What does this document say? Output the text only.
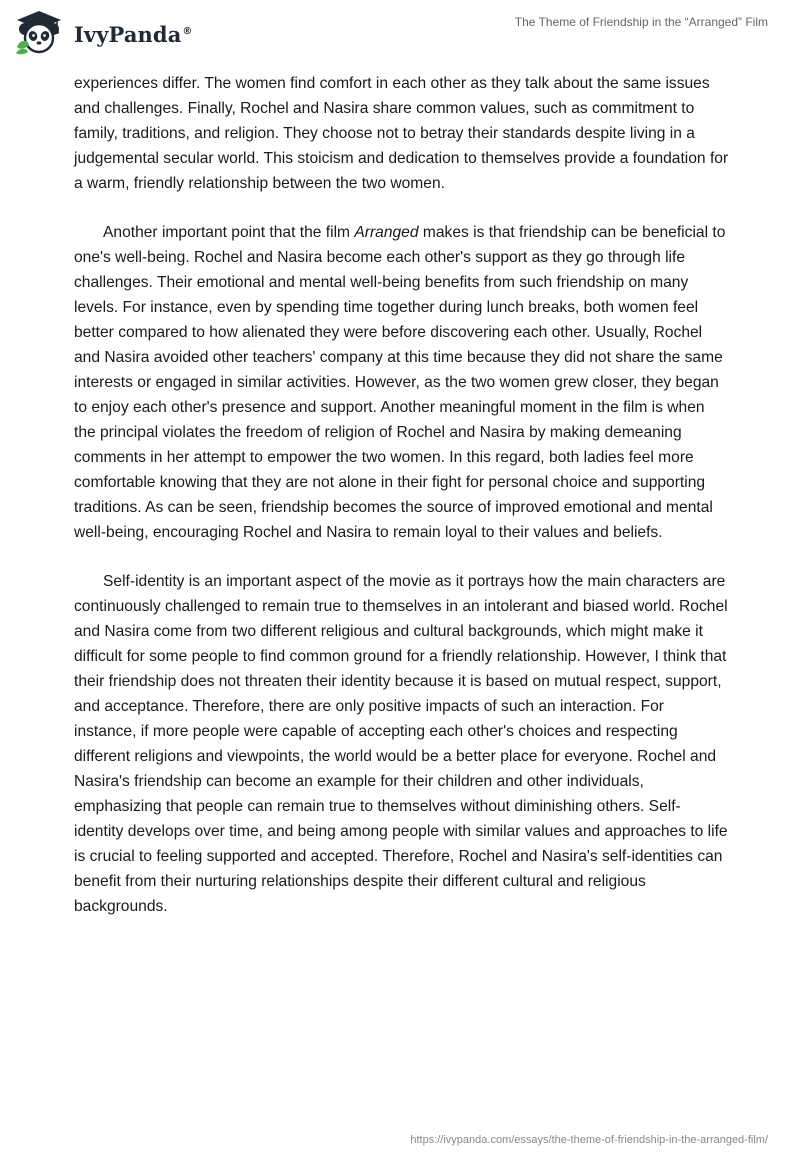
IvyPanda®
The Theme of Friendship in the “Arranged” Film

experiences differ. The women find comfort in each other as they talk about the same issues and challenges. Finally, Rochel and Nasira share common values, such as commitment to family, traditions, and religion. They choose not to betray their standards despite living in a judgemental secular world. This stoicism and dedication to themselves provide a foundation for a warm, friendly relationship between the two women.

Another important point that the film Arranged makes is that friendship can be beneficial to one's well-being. Rochel and Nasira become each other's support as they go through life challenges. Their emotional and mental well-being benefits from such friendship on many levels. For instance, even by spending time together during lunch breaks, both women feel better compared to how alienated they were before discovering each other. Usually, Rochel and Nasira avoided other teachers' company at this time because they did not share the same interests or engaged in similar activities. However, as the two women grew closer, they began to enjoy each other's presence and support. Another meaningful moment in the film is when the principal violates the freedom of religion of Rochel and Nasira by making demeaning comments in her attempt to empower the two women. In this regard, both ladies feel more comfortable knowing that they are not alone in their fight for personal choice and supporting traditions. As can be seen, friendship becomes the source of improved emotional and mental well-being, encouraging Rochel and Nasira to remain loyal to their values and beliefs.

Self-identity is an important aspect of the movie as it portrays how the main characters are continuously challenged to remain true to themselves in an intolerant and biased world. Rochel and Nasira come from two different religious and cultural backgrounds, which might make it difficult for some people to find common ground for a friendly relationship. However, I think that their friendship does not threaten their identity because it is based on mutual respect, support, and acceptance. Therefore, there are only positive impacts of such an interaction. For instance, if more people were capable of accepting each other's choices and respecting different religions and viewpoints, the world would be a better place for everyone. Rochel and Nasira's friendship can become an example for their children and other individuals, emphasizing that people can remain true to themselves without diminishing others. Self-identity develops over time, and being among people with similar values and approaches to life is crucial to feeling supported and accepted. Therefore, Rochel and Nasira's self-identities can benefit from their nurturing relationships despite their different cultural and religious backgrounds.

https://ivypanda.com/essays/the-theme-of-friendship-in-the-arranged-film/
